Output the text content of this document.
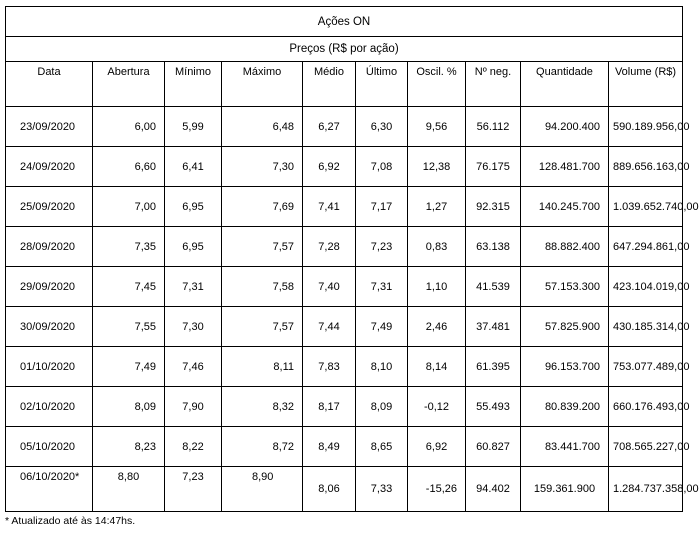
Ações ON									
Preços (R$ por ação)									
Data	Abertura	Mínimo	Máximo	Médio	Último	Oscil. %	Nº neg.	Quantidade	Volume (R$)
23/09/2020	6,00	5,99	6,48	6,27	6,30	9,56	56.112	94.200.400	590.189.956,00
24/09/2020	6,60	6,41	7,30	6,92	7,08	12,38	76.175	128.481.700	889.656.163,00
25/09/2020	7,00	6,95	7,69	7,41	7,17	1,27	92.315	140.245.700	1.039.652.740,00
28/09/2020	7,35	6,95	7,57	7,28	7,23	0,83	63.138	88.882.400	647.294.861,00
29/09/2020	7,45	7,31	7,58	7,40	7,31	1,10	41.539	57.153.300	423.104.019,00
30/09/2020	7,55	7,30	7,57	7,44	7,49	2,46	37.481	57.825.900	430.185.314,00
01/10/2020	7,49	7,46	8,11	7,83	8,10	8,14	61.395	96.153.700	753.077.489,00
02/10/2020	8,09	7,90	8,32	8,17	8,09	-0,12	55.493	80.839.200	660.176.493,00
05/10/2020	8,23	8,22	8,72	8,49	8,65	6,92	60.827	83.441.700	708.565.227,00
06/10/2020*	8,80	7,23	8,90	8,06	7,33	-15,26	94.402	159.361.900	1.284.737.358,00
* Atualizado até às 14:47hs.
